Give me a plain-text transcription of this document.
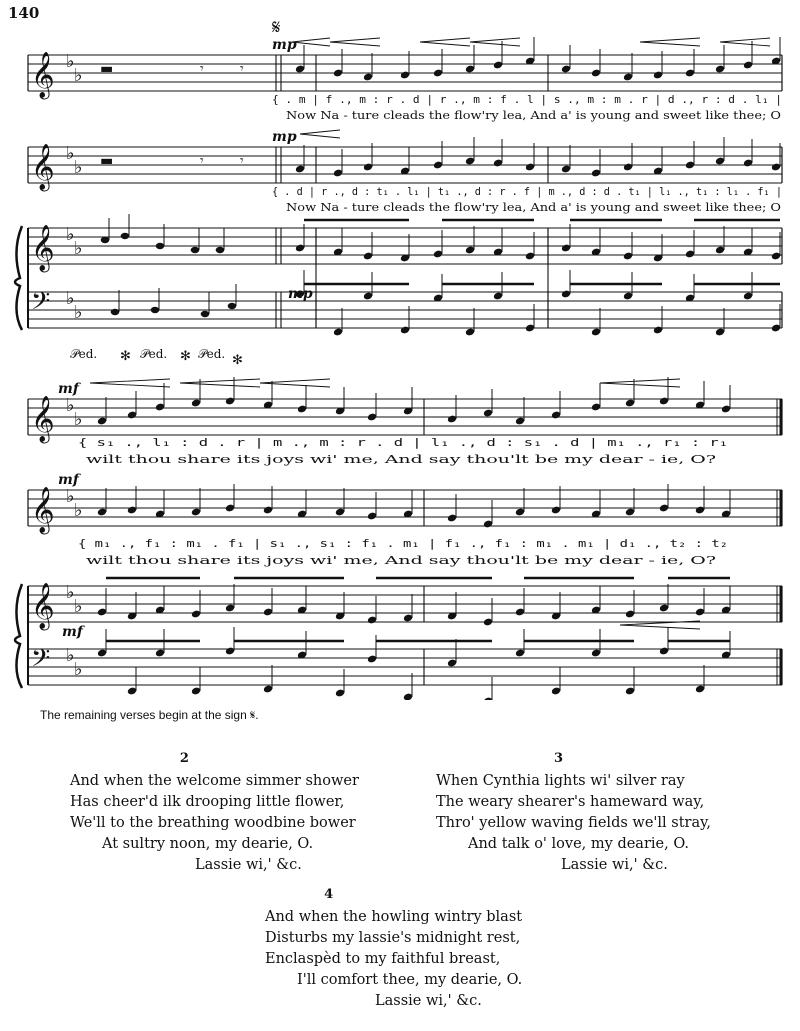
140
𝄞 ♭
♭
𝄞 ♭
♭
𝄞 ♭
♭
𝄢 ♭
♭
𝄞 ♭
♭
𝄞 ♭
♭
𝄞 ♭
♭
𝄢 ♭
♭
▬	𝄾	𝄾
▬	𝄾	𝄾
𝄋
mp
mp
mp
mf
mf
mf
𝒫ed. ✻ 𝒫ed. ✻ 𝒫ed. ✻
{ . m | f ., m : r . d | r ., m : f . l | s ., m : m . r | d ., r : d . l₁ |
Now Na - ture cleads the flow'ry lea, And a' is young and sweet like thee; O
{ . d | r ., d : t₁ . l₁ | t₁ ., d : r . f | m ., d : d . t₁ | l₁ ., t₁ : l₁ . f₁ |
Now Na - ture cleads the flow'ry lea, And a' is young and sweet like thee; O
{ s₁ ., l₁ : d . r | m ., m : r . d | l₁ ., d : s₁ . d | m₁ ., r₁ : r₁
wilt thou share its joys wi' me, And say thou'lt be my dear - ie, O?
{ m₁ ., f₁ : m₁ . f₁ | s₁ ., s₁ : f₁ . m₁ | f₁ ., f₁ : m₁ . m₁ | d₁ ., t₂ : t₂
wilt thou share its joys wi' me, And say thou'lt be my dear - ie, O?
The remaining verses begin at the sign 𝄋.
2
And when the welcome simmer shower
Has cheer'd ilk drooping little flower,
We'll to the breathing woodbine bower
At sultry noon, my dearie, O.
Lassie wi,' &c.
3
When Cynthia lights wi' silver ray
The weary shearer's hameward way,
Thro' yellow waving fields we'll stray,
And talk o' love, my dearie, O.
Lassie wi,' &c.
4
And when the howling wintry blast
Disturbs my lassie's midnight rest,
Enclaspèd to my faithful breast,
I'll comfort thee, my dearie, O.
Lassie wi,' &c.
